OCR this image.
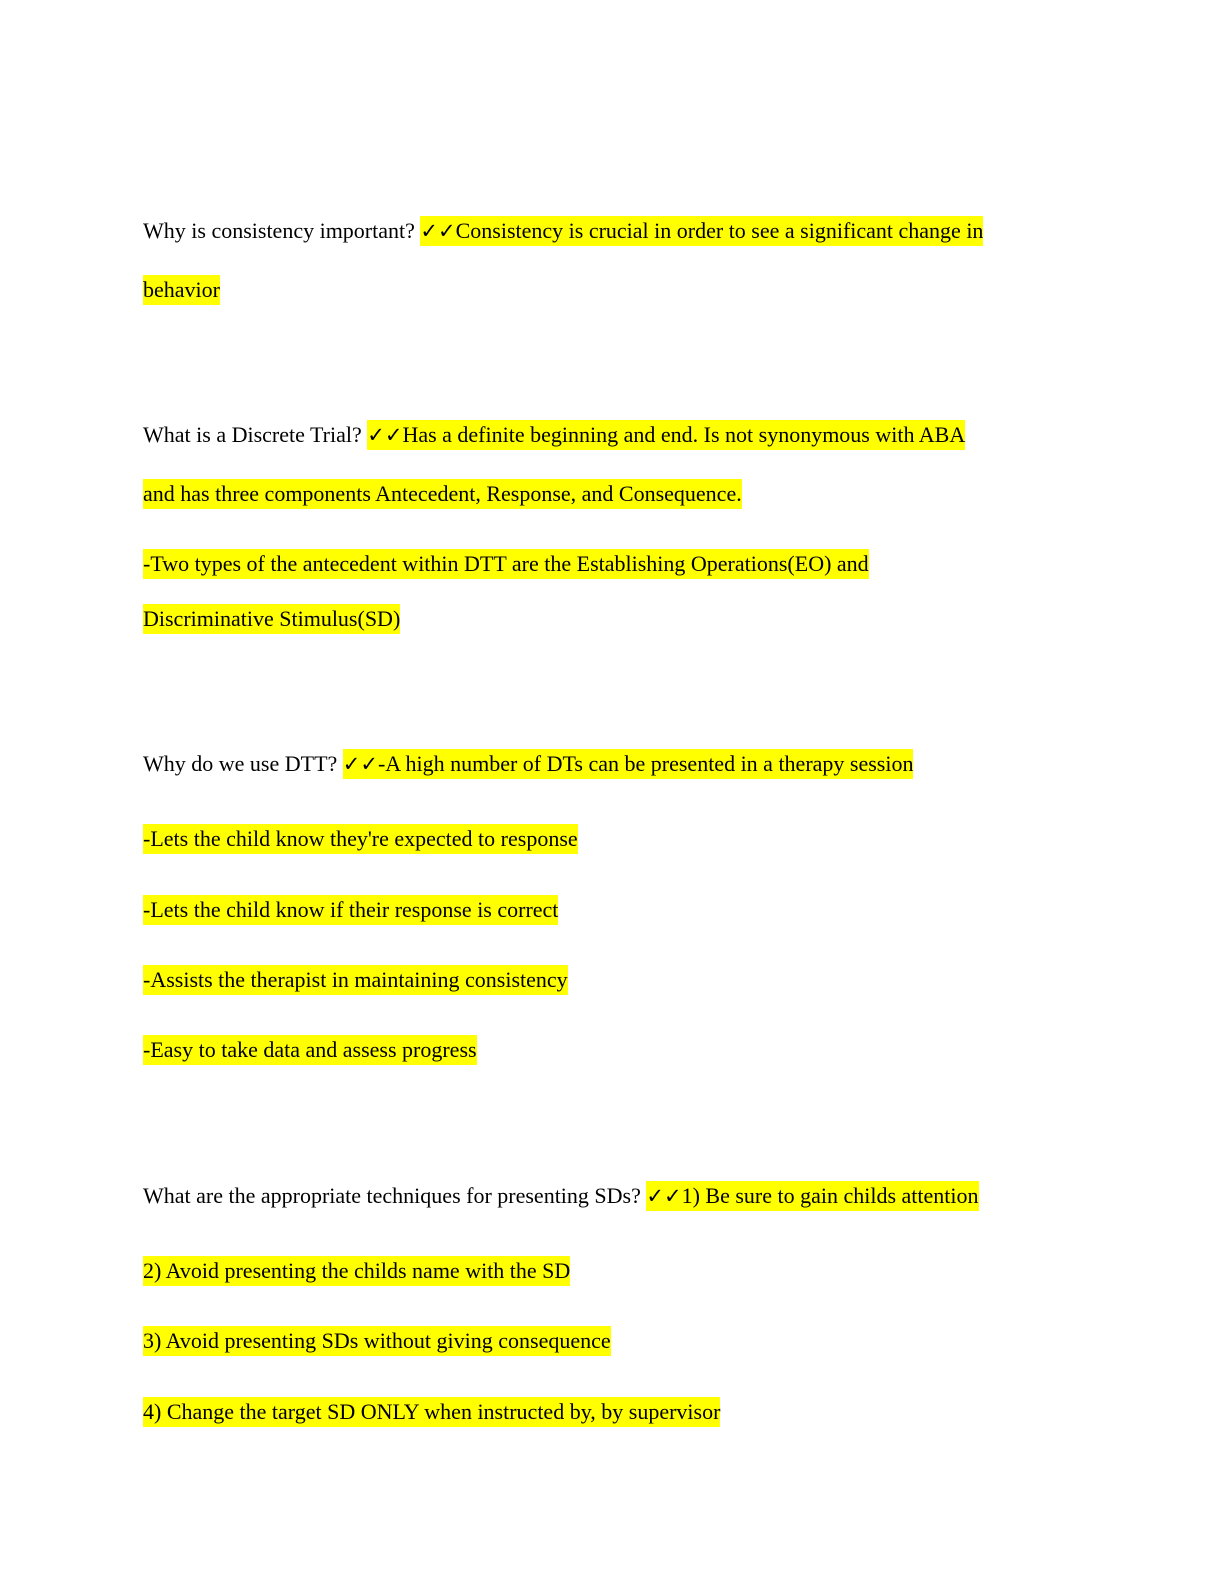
Why is consistency important? ✓✓Consistency is crucial in order to see a significant change in
behavior
What is a Discrete Trial? ✓✓Has a definite beginning and end. Is not synonymous with ABA
and has three components Antecedent, Response, and Consequence.
-Two types of the antecedent within DTT are the Establishing Operations(EO) and
Discriminative Stimulus(SD)
Why do we use DTT? ✓✓-A high number of DTs can be presented in a therapy session
-Lets the child know they're expected to response
-Lets the child know if their response is correct
-Assists the therapist in maintaining consistency
-Easy to take data and assess progress
What are the appropriate techniques for presenting SDs? ✓✓1) Be sure to gain childs attention
2) Avoid presenting the childs name with the SD
3) Avoid presenting SDs without giving consequence
4) Change the target SD ONLY when instructed by, by supervisor
